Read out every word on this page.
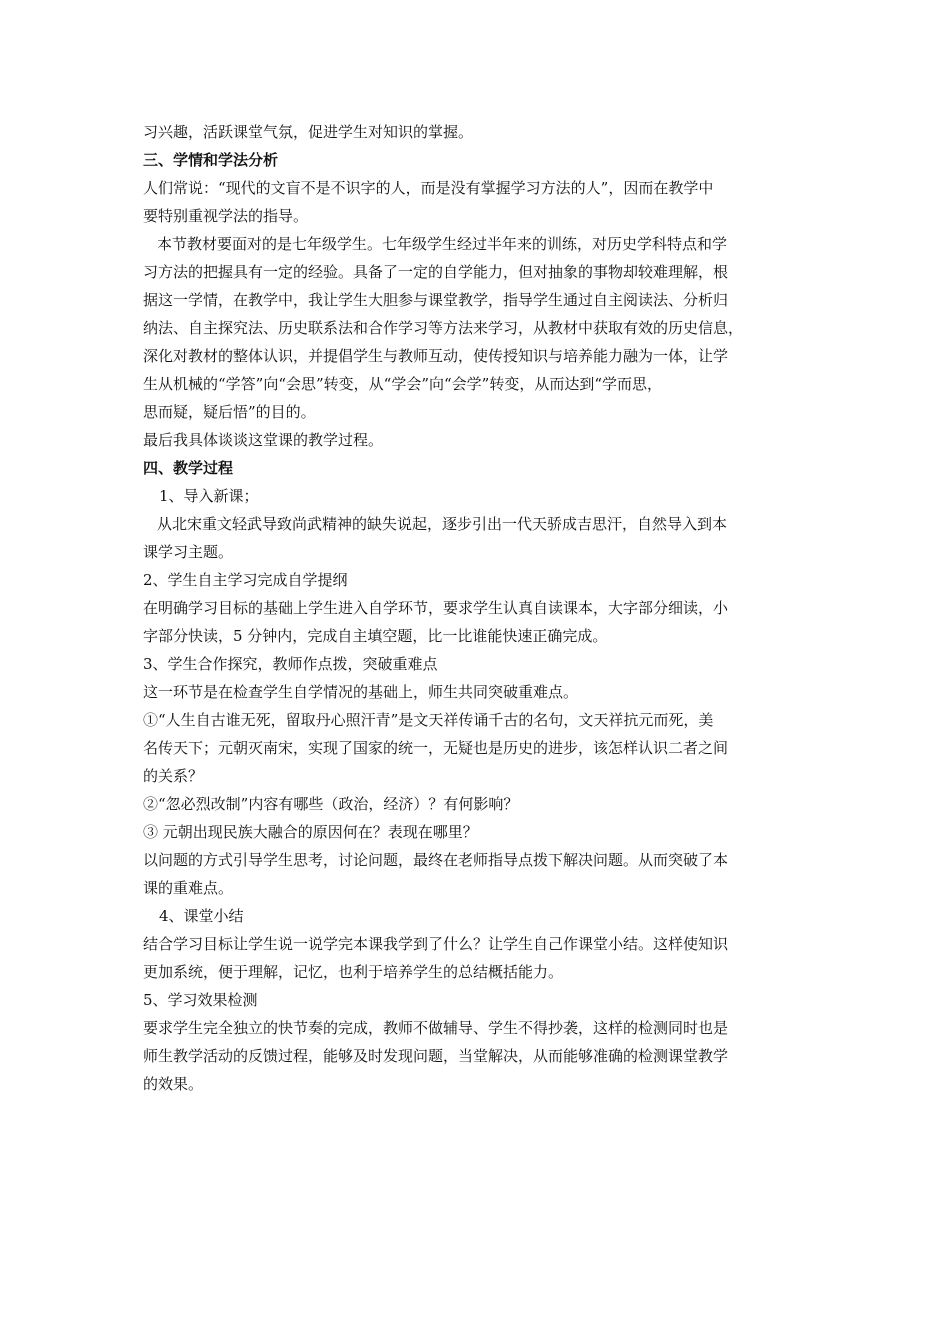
习兴趣，活跃课堂气氛，促进学生对知识的掌握。
三、学情和学法分析
人们常说：“现代的文盲不是不识字的人，而是没有掌握学习方法的人”，因而在教学中
要特别重视学法的指导。
本节教材要面对的是七年级学生。七年级学生经过半年来的训练，对历史学科特点和学
习方法的把握具有一定的经验。具备了一定的自学能力，但对抽象的事物却较难理解，根
据这一学情，在教学中，我让学生大胆参与课堂教学，指导学生通过自主阅读法、分析归
纳法、自主探究法、历史联系法和合作学习等方法来学习，从教材中获取有效的历史信息，
深化对教材的整体认识，并提倡学生与教师互动，使传授知识与培养能力融为一体，让学
生从机械的“学答”向“会思”转变，从“学会”向“会学”转变，从而达到“学而思，
思而疑，疑后悟”的目的。
最后我具体谈谈这堂课的教学过程。
四、教学过程
1、导入新课；
从北宋重文轻武导致尚武精神的缺失说起，逐步引出一代天骄成吉思汗，自然导入到本
课学习主题。
2、学生自主学习完成自学提纲
在明确学习目标的基础上学生进入自学环节，要求学生认真自读课本，大字部分细读，小
字部分快读，5 分钟内，完成自主填空题，比一比谁能快速正确完成。
3、学生合作探究，教师作点拨，突破重难点
这一环节是在检查学生自学情况的基础上，师生共同突破重难点。
①“人生自古谁无死，留取丹心照汗青”是文天祥传诵千古的名句，文天祥抗元而死，美
名传天下；元朝灭南宋，实现了国家的统一，无疑也是历史的进步，该怎样认识二者之间
的关系？
②“忽必烈改制”内容有哪些（政治，经济）？有何影响？
③ 元朝出现民族大融合的原因何在？表现在哪里？
以问题的方式引导学生思考，讨论问题，最终在老师指导点拨下解决问题。从而突破了本
课的重难点。
4、课堂小结
结合学习目标让学生说一说学完本课我学到了什么？让学生自己作课堂小结。这样使知识
更加系统，便于理解，记忆，也利于培养学生的总结概括能力。
5、学习效果检测
要求学生完全独立的快节奏的完成，教师不做辅导、学生不得抄袭，这样的检测同时也是
师生教学活动的反馈过程，能够及时发现问题，当堂解决，从而能够准确的检测课堂教学
的效果。
